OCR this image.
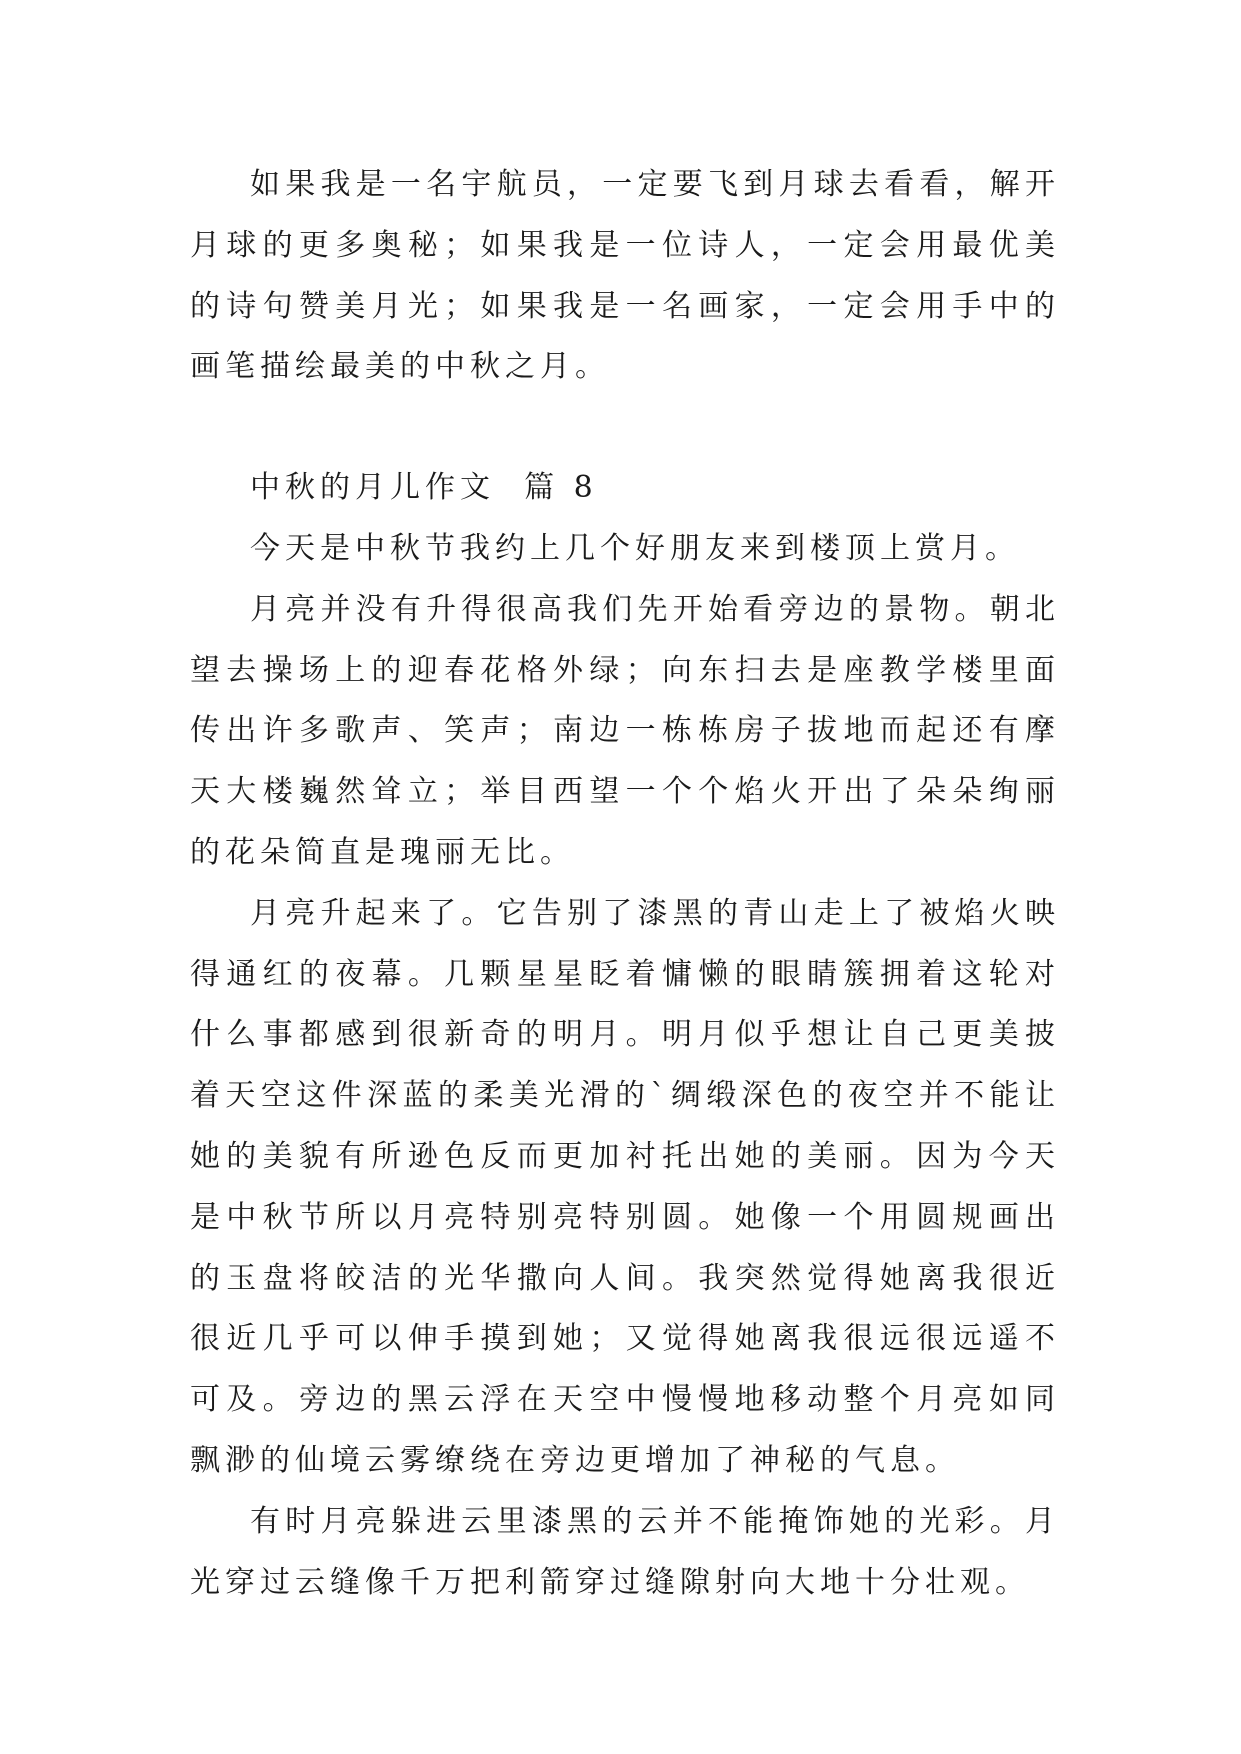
如果我是一名宇航员，一定要飞到月球去看看，解开月球的更多奥秘；如果我是一位诗人，一定会用最优美的诗句赞美月光；如果我是一名画家，一定会用手中的画笔描绘最美的中秋之月。

中秋的月儿作文  篇 8

今天是中秋节我约上几个好朋友来到楼顶上赏月。

月亮并没有升得很高我们先开始看旁边的景物。朝北望去操场上的迎春花格外绿；向东扫去是座教学楼里面传出许多歌声、笑声；南边一栋栋房子拔地而起还有摩天大楼巍然耸立；举目西望一个个焰火开出了朵朵绚丽的花朵简直是瑰丽无比。

月亮升起来了。它告别了漆黑的青山走上了被焰火映得通红的夜幕。几颗星星眨着慵懒的眼睛簇拥着这轮对什么事都感到很新奇的明月。明月似乎想让自己更美披着天空这件深蓝的柔美光滑的`绸缎深色的夜空并不能让她的美貌有所逊色反而更加衬托出她的美丽。因为今天是中秋节所以月亮特别亮特别圆。她像一个用圆规画出的玉盘将皎洁的光华撒向人间。我突然觉得她离我很近很近几乎可以伸手摸到她；又觉得她离我很远很远遥不可及。旁边的黑云浮在天空中慢慢地移动整个月亮如同飘渺的仙境云雾缭绕在旁边更增加了神秘的气息。

有时月亮躲进云里漆黑的云并不能掩饰她的光彩。月光穿过云缝像千万把利箭穿过缝隙射向大地十分壮观。
